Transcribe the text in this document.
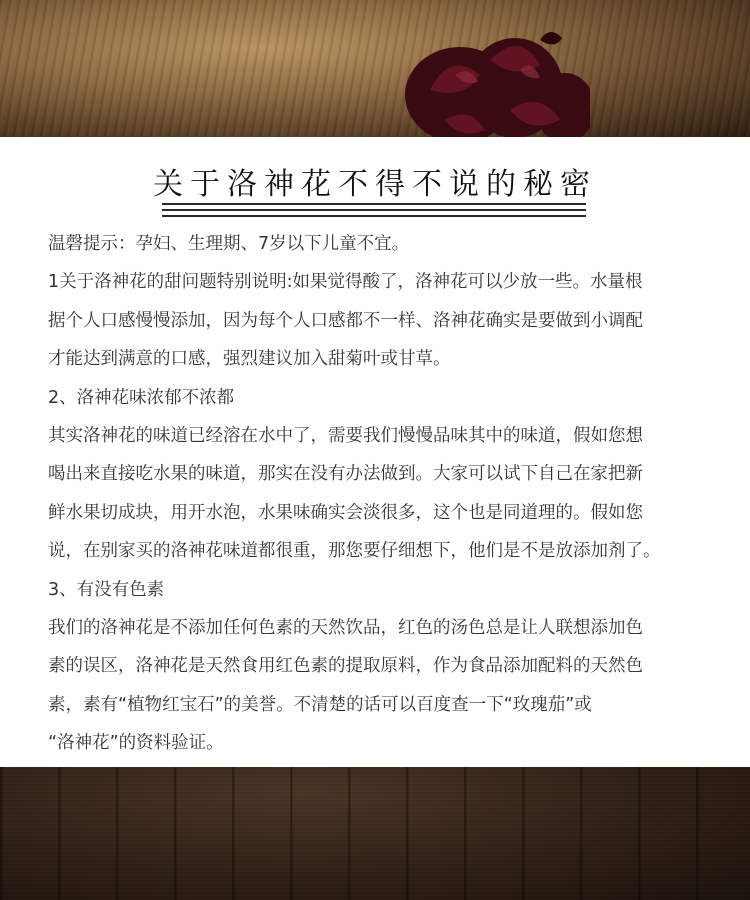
关于洛神花不得不说的秘密

温磬提示：孕妇、生理期、7岁以下儿童不宜。

1关于洛神花的甜问题特别说明:如果觉得酸了，洛神花可以少放一些。水量根

据个人口感慢慢添加，因为每个人口感都不一样、洛神花确实是要做到小调配

才能达到满意的口感，强烈建议加入甜菊叶或甘草。

2、洛神花味浓郁不浓都

其实洛神花的味道已经溶在水中了，需要我们慢慢品味其中的味道，假如您想

喝出来直接吃水果的味道，那实在没有办法做到。大家可以试下自己在家把新

鲜水果切成块，用开水泡，水果味确实会淡很多，这个也是同道理的。假如您

说，在别家买的洛神花味道都很重，那您要仔细想下，他们是不是放添加剂了。

3、有没有色素

我们的洛神花是不添加任何色素的天然饮品，红色的汤色总是让人联想添加色

素的误区，洛神花是天然食用红色素的提取原料，作为食品添加配料的天然色

素，素有“植物红宝石”的美誉。不清楚的话可以百度查一下“玫瑰茄”或

“洛神花”的资料验证。
